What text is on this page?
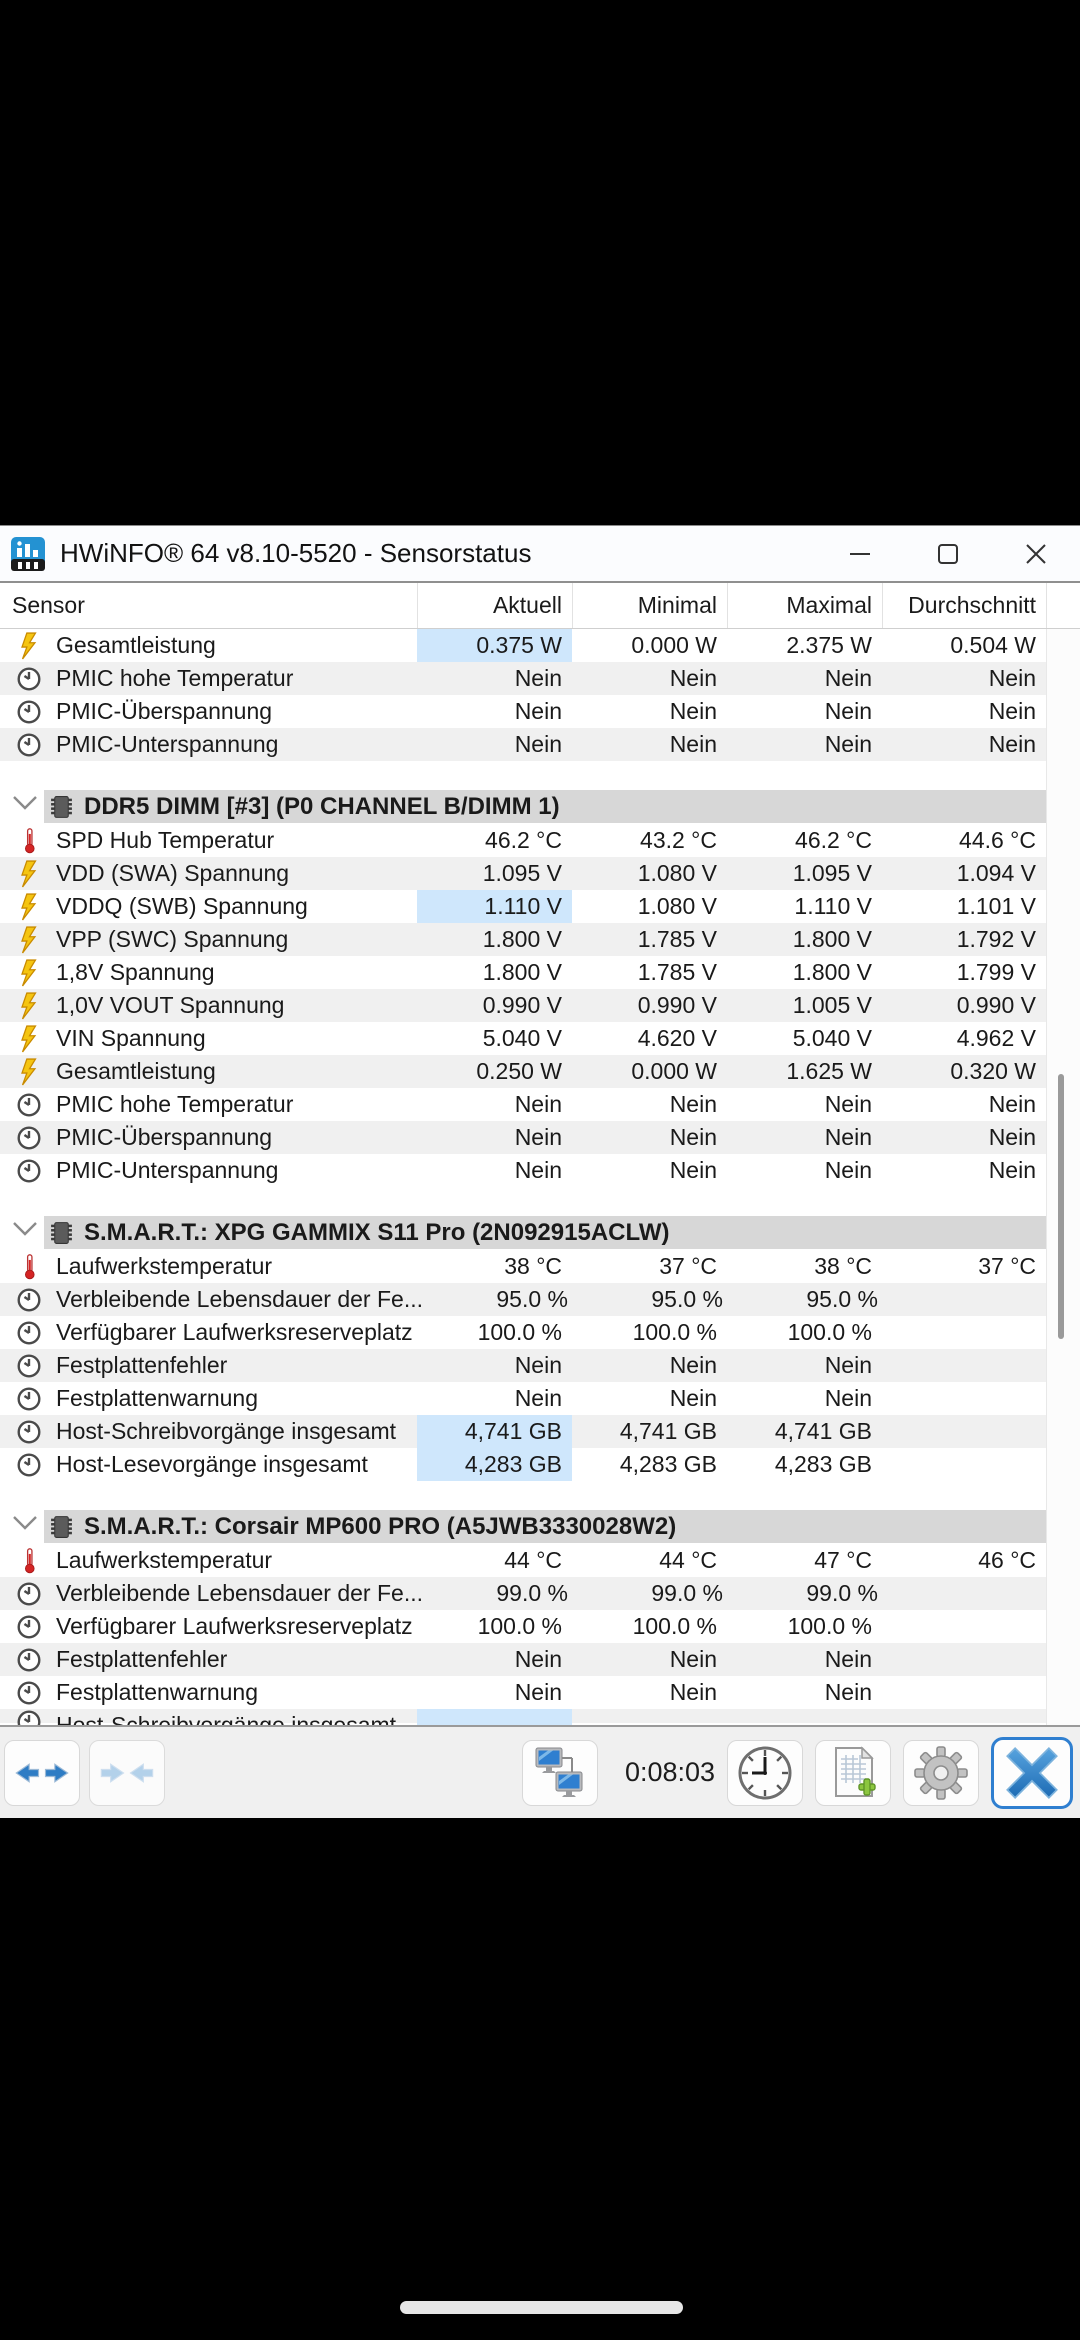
HWiNFO® 64 v8.10-5520 - Sensorstatus
Sensor	Aktuell	Minimal	Maximal	Durchschnitt
Gesamtleistung	0.375 W	0.000 W	2.375 W	0.504 W
PMIC hohe Temperatur	Nein	Nein	Nein	Nein
PMIC-Überspannung	Nein	Nein	Nein	Nein
PMIC-Unterspannung	Nein	Nein	Nein	Nein
DDR5 DIMM [#3] (P0 CHANNEL B/DIMM 1)
SPD Hub Temperatur	46.2 °C	43.2 °C	46.2 °C	44.6 °C
VDD (SWA) Spannung	1.095 V	1.080 V	1.095 V	1.094 V
VDDQ (SWB) Spannung	1.110 V	1.080 V	1.110 V	1.101 V
VPP (SWC) Spannung	1.800 V	1.785 V	1.800 V	1.792 V
1,8V Spannung	1.800 V	1.785 V	1.800 V	1.799 V
1,0V VOUT Spannung	0.990 V	0.990 V	1.005 V	0.990 V
VIN Spannung	5.040 V	4.620 V	5.040 V	4.962 V
Gesamtleistung	0.250 W	0.000 W	1.625 W	0.320 W
PMIC hohe Temperatur	Nein	Nein	Nein	Nein
PMIC-Überspannung	Nein	Nein	Nein	Nein
PMIC-Unterspannung	Nein	Nein	Nein	Nein
S.M.A.R.T.: XPG GAMMIX S11 Pro (2N092915ACLW)
Laufwerkstemperatur	38 °C	37 °C	38 °C	37 °C
Verbleibende Lebensdauer der Fe...	95.0 %	95.0 %	95.0 %
Verfügbarer Laufwerksreserveplatz	100.0 %	100.0 %	100.0 %
Festplattenfehler	Nein	Nein	Nein
Festplattenwarnung	Nein	Nein	Nein
Host-Schreibvorgänge insgesamt	4,741 GB	4,741 GB	4,741 GB
Host-Lesevorgänge insgesamt	4,283 GB	4,283 GB	4,283 GB
S.M.A.R.T.: Corsair MP600 PRO (A5JWB3330028W2)
Laufwerkstemperatur	44 °C	44 °C	47 °C	46 °C
Verbleibende Lebensdauer der Fe...	99.0 %	99.0 %	99.0 %
Verfügbarer Laufwerksreserveplatz	100.0 %	100.0 %	100.0 %
Festplattenfehler	Nein	Nein	Nein
Festplattenwarnung	Nein	Nein	Nein
0:08:03
